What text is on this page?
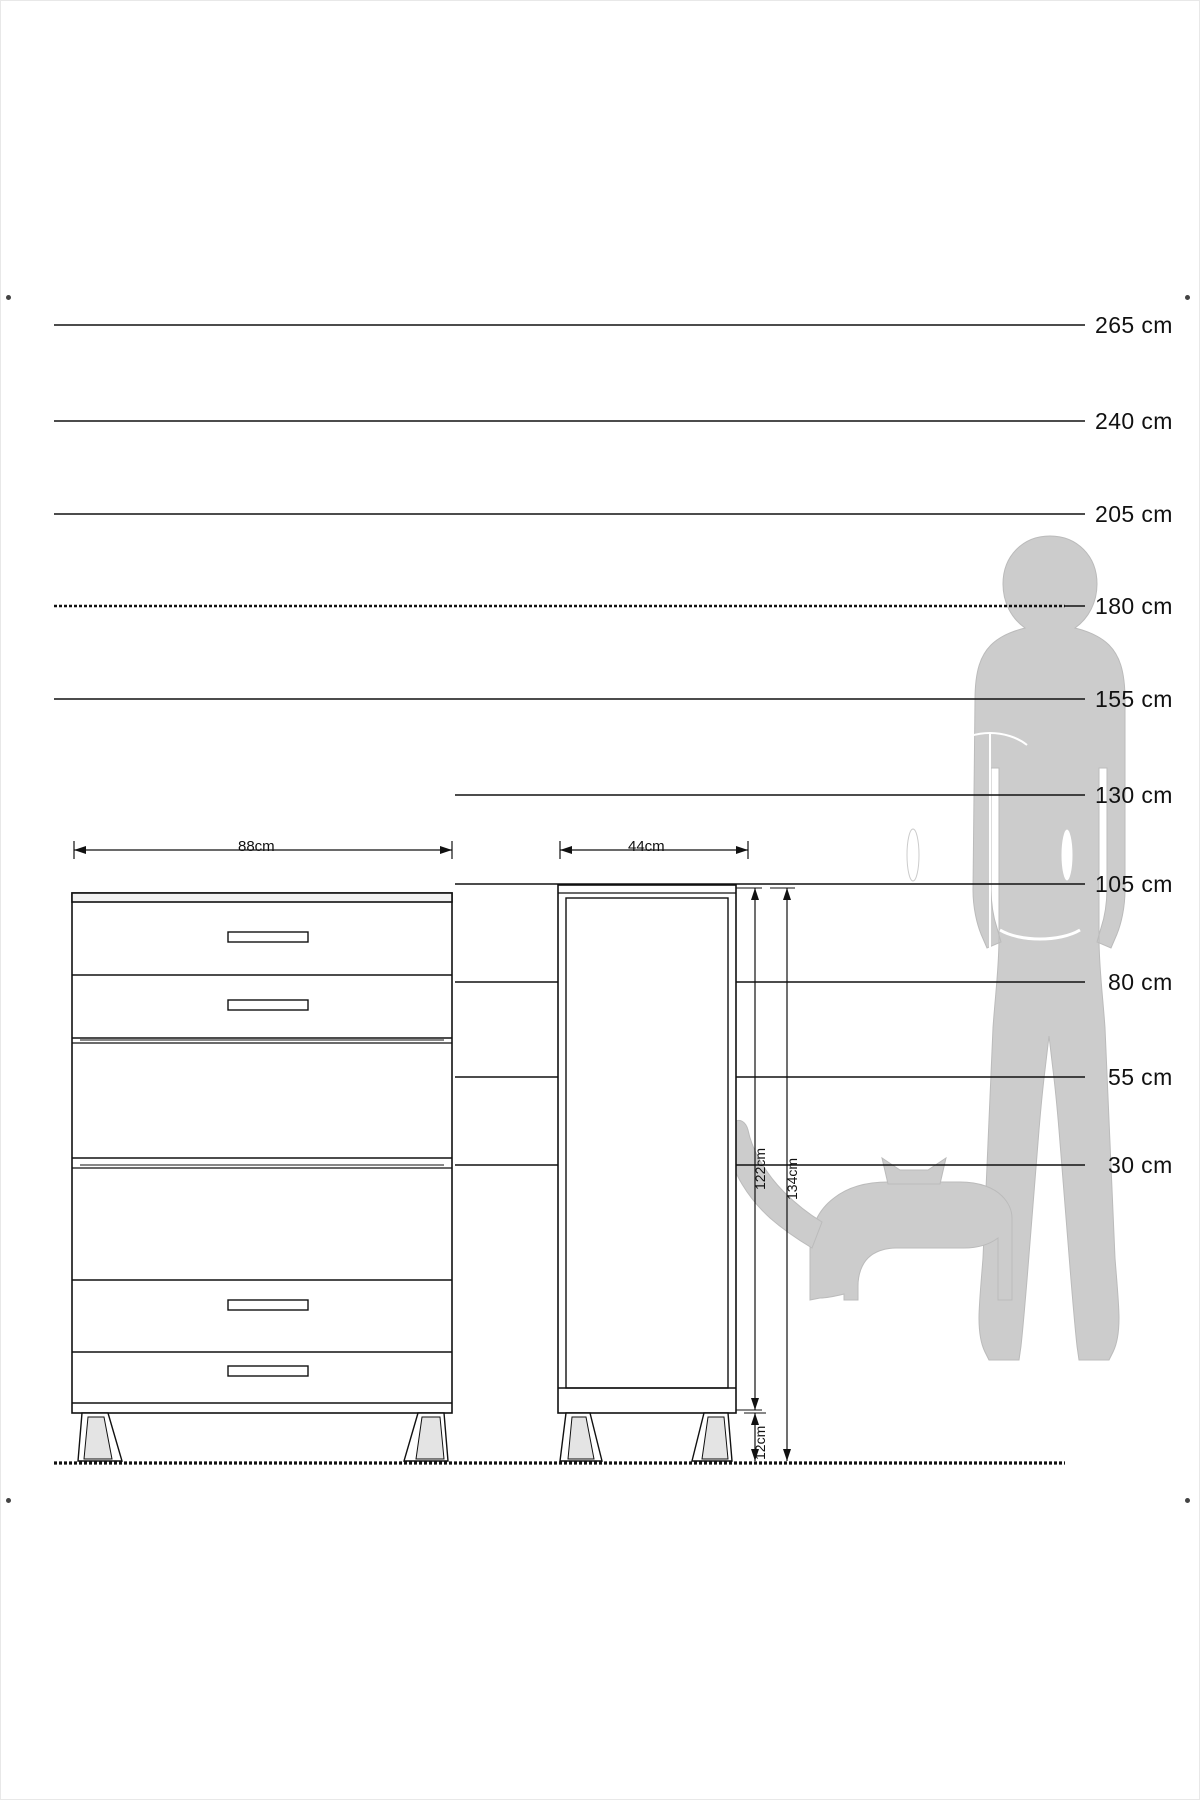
265 cm
240 cm
205 cm
180 cm
155 cm
130 cm
105 cm
80 cm
55 cm
30 cm
88cm	44cm
122cm 134cm
12cm
